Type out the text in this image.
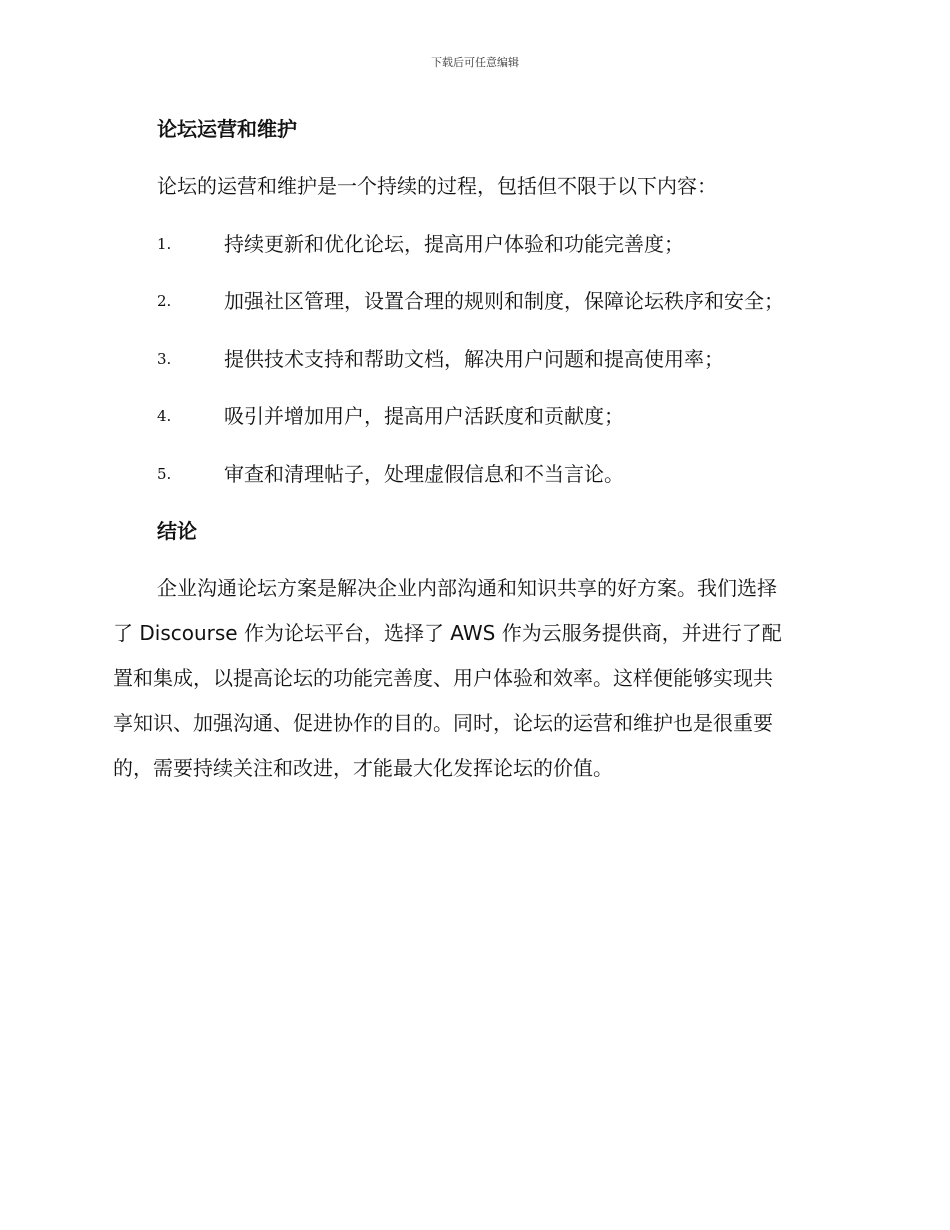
下载后可任意编辑
论坛运营和维护
论坛的运营和维护是一个持续的过程，包括但不限于以下内容：
1.	持续更新和优化论坛，提高用户体验和功能完善度；
2.	加强社区管理，设置合理的规则和制度，保障论坛秩序和安全；
3.	提供技术支持和帮助文档，解决用户问题和提高使用率；
4.	吸引并增加用户，提高用户活跃度和贡献度；
5.	审查和清理帖子，处理虚假信息和不当言论。
结论
企业沟通论坛方案是解决企业内部沟通和知识共享的好方案。我们选择
了 Discourse 作为论坛平台，选择了 AWS 作为云服务提供商，并进行了配
置和集成，以提高论坛的功能完善度、用户体验和效率。这样便能够实现共
享知识、加强沟通、促进协作的目的。同时，论坛的运营和维护也是很重要
的，需要持续关注和改进，才能最大化发挥论坛的价值。
